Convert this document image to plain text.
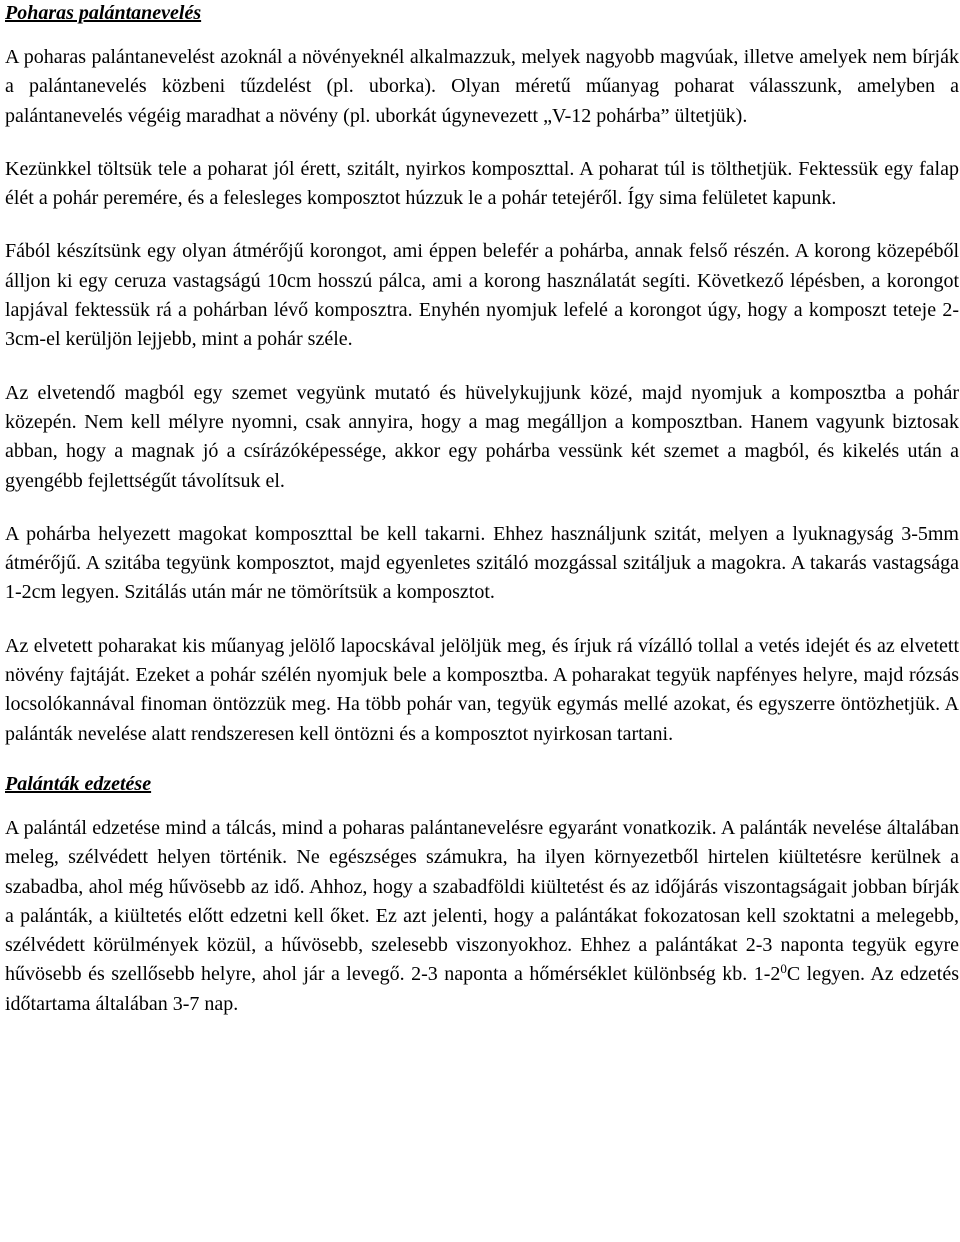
Poharas palántanevelés

A poharas palántanevelést azoknál a növényeknél alkalmazzuk, melyek nagyobb magvúak, illetve amelyek nem bírják a palántanevelés közbeni tűzdelést (pl. uborka). Olyan méretű műanyag poharat válasszunk, amelyben a palántanevelés végéig maradhat a növény (pl. uborkát úgynevezett „V-12 pohárba” ültetjük).

Kezünkkel töltsük tele a poharat jól érett, szitált, nyirkos komposzttal. A poharat túl is tölthetjük. Fektessük egy falap élét a pohár peremére, és a felesleges komposztot húzzuk le a pohár tetejéről. Így sima felületet kapunk.

Fából készítsünk egy olyan átmérőjű korongot, ami éppen belefér a pohárba, annak felső részén. A korong közepéből álljon ki egy ceruza vastagságú 10cm hosszú pálca, ami a korong használatát segíti. Következő lépésben, a korongot lapjával fektessük rá a pohárban lévő komposztra. Enyhén nyomjuk lefelé a korongot úgy, hogy a komposzt teteje 2-3cm-el kerüljön lejjebb, mint a pohár széle.

Az elvetendő magból egy szemet vegyünk mutató és hüvelykujjunk közé, majd nyomjuk a komposztba a pohár közepén. Nem kell mélyre nyomni, csak annyira, hogy a mag megálljon a komposztban. Hanem vagyunk biztosak abban, hogy a magnak jó a csírázóképessége, akkor egy pohárba vessünk két szemet a magból, és kikelés után a gyengébb fejlettségűt távolítsuk el.

A pohárba helyezett magokat komposzttal be kell takarni. Ehhez használjunk szitát, melyen a lyuknagyság 3-5mm átmérőjű. A szitába tegyünk komposztot, majd egyenletes szitáló mozgással szitáljuk a magokra. A takarás vastagsága 1-2cm legyen. Szitálás után már ne tömörítsük a komposztot.

Az elvetett poharakat kis műanyag jelölő lapocskával jelöljük meg, és írjuk rá vízálló tollal a vetés idejét és az elvetett növény fajtáját. Ezeket a pohár szélén nyomjuk bele a komposztba. A poharakat tegyük napfényes helyre, majd rózsás locsolókannával finoman öntözzük meg. Ha több pohár van, tegyük egymás mellé azokat, és egyszerre öntözhetjük. A palánták nevelése alatt rendszeresen kell öntözni és a komposztot nyirkosan tartani.

Palánták edzetése

A palántál edzetése mind a tálcás, mind a poharas palántanevelésre egyaránt vonatkozik. A palánták nevelése általában meleg, szélvédett helyen történik. Ne egészséges számukra, ha ilyen környezetből hirtelen kiültetésre kerülnek a szabadba, ahol még hűvösebb az idő. Ahhoz, hogy a szabadföldi kiültetést és az időjárás viszontagságait jobban bírják a palánták, a kiültetés előtt edzetni kell őket. Ez azt jelenti, hogy a palántákat fokozatosan kell szoktatni a melegebb, szélvédett körülmények közül, a hűvösebb, szelesebb viszonyokhoz. Ehhez a palántákat 2-3 naponta tegyük egyre hűvösebb és szellősebb helyre, ahol jár a levegő. 2-3 naponta a hőmérséklet különbség kb. $1-2^0C$ legyen. Az edzetés időtartama általában 3-7 nap.
